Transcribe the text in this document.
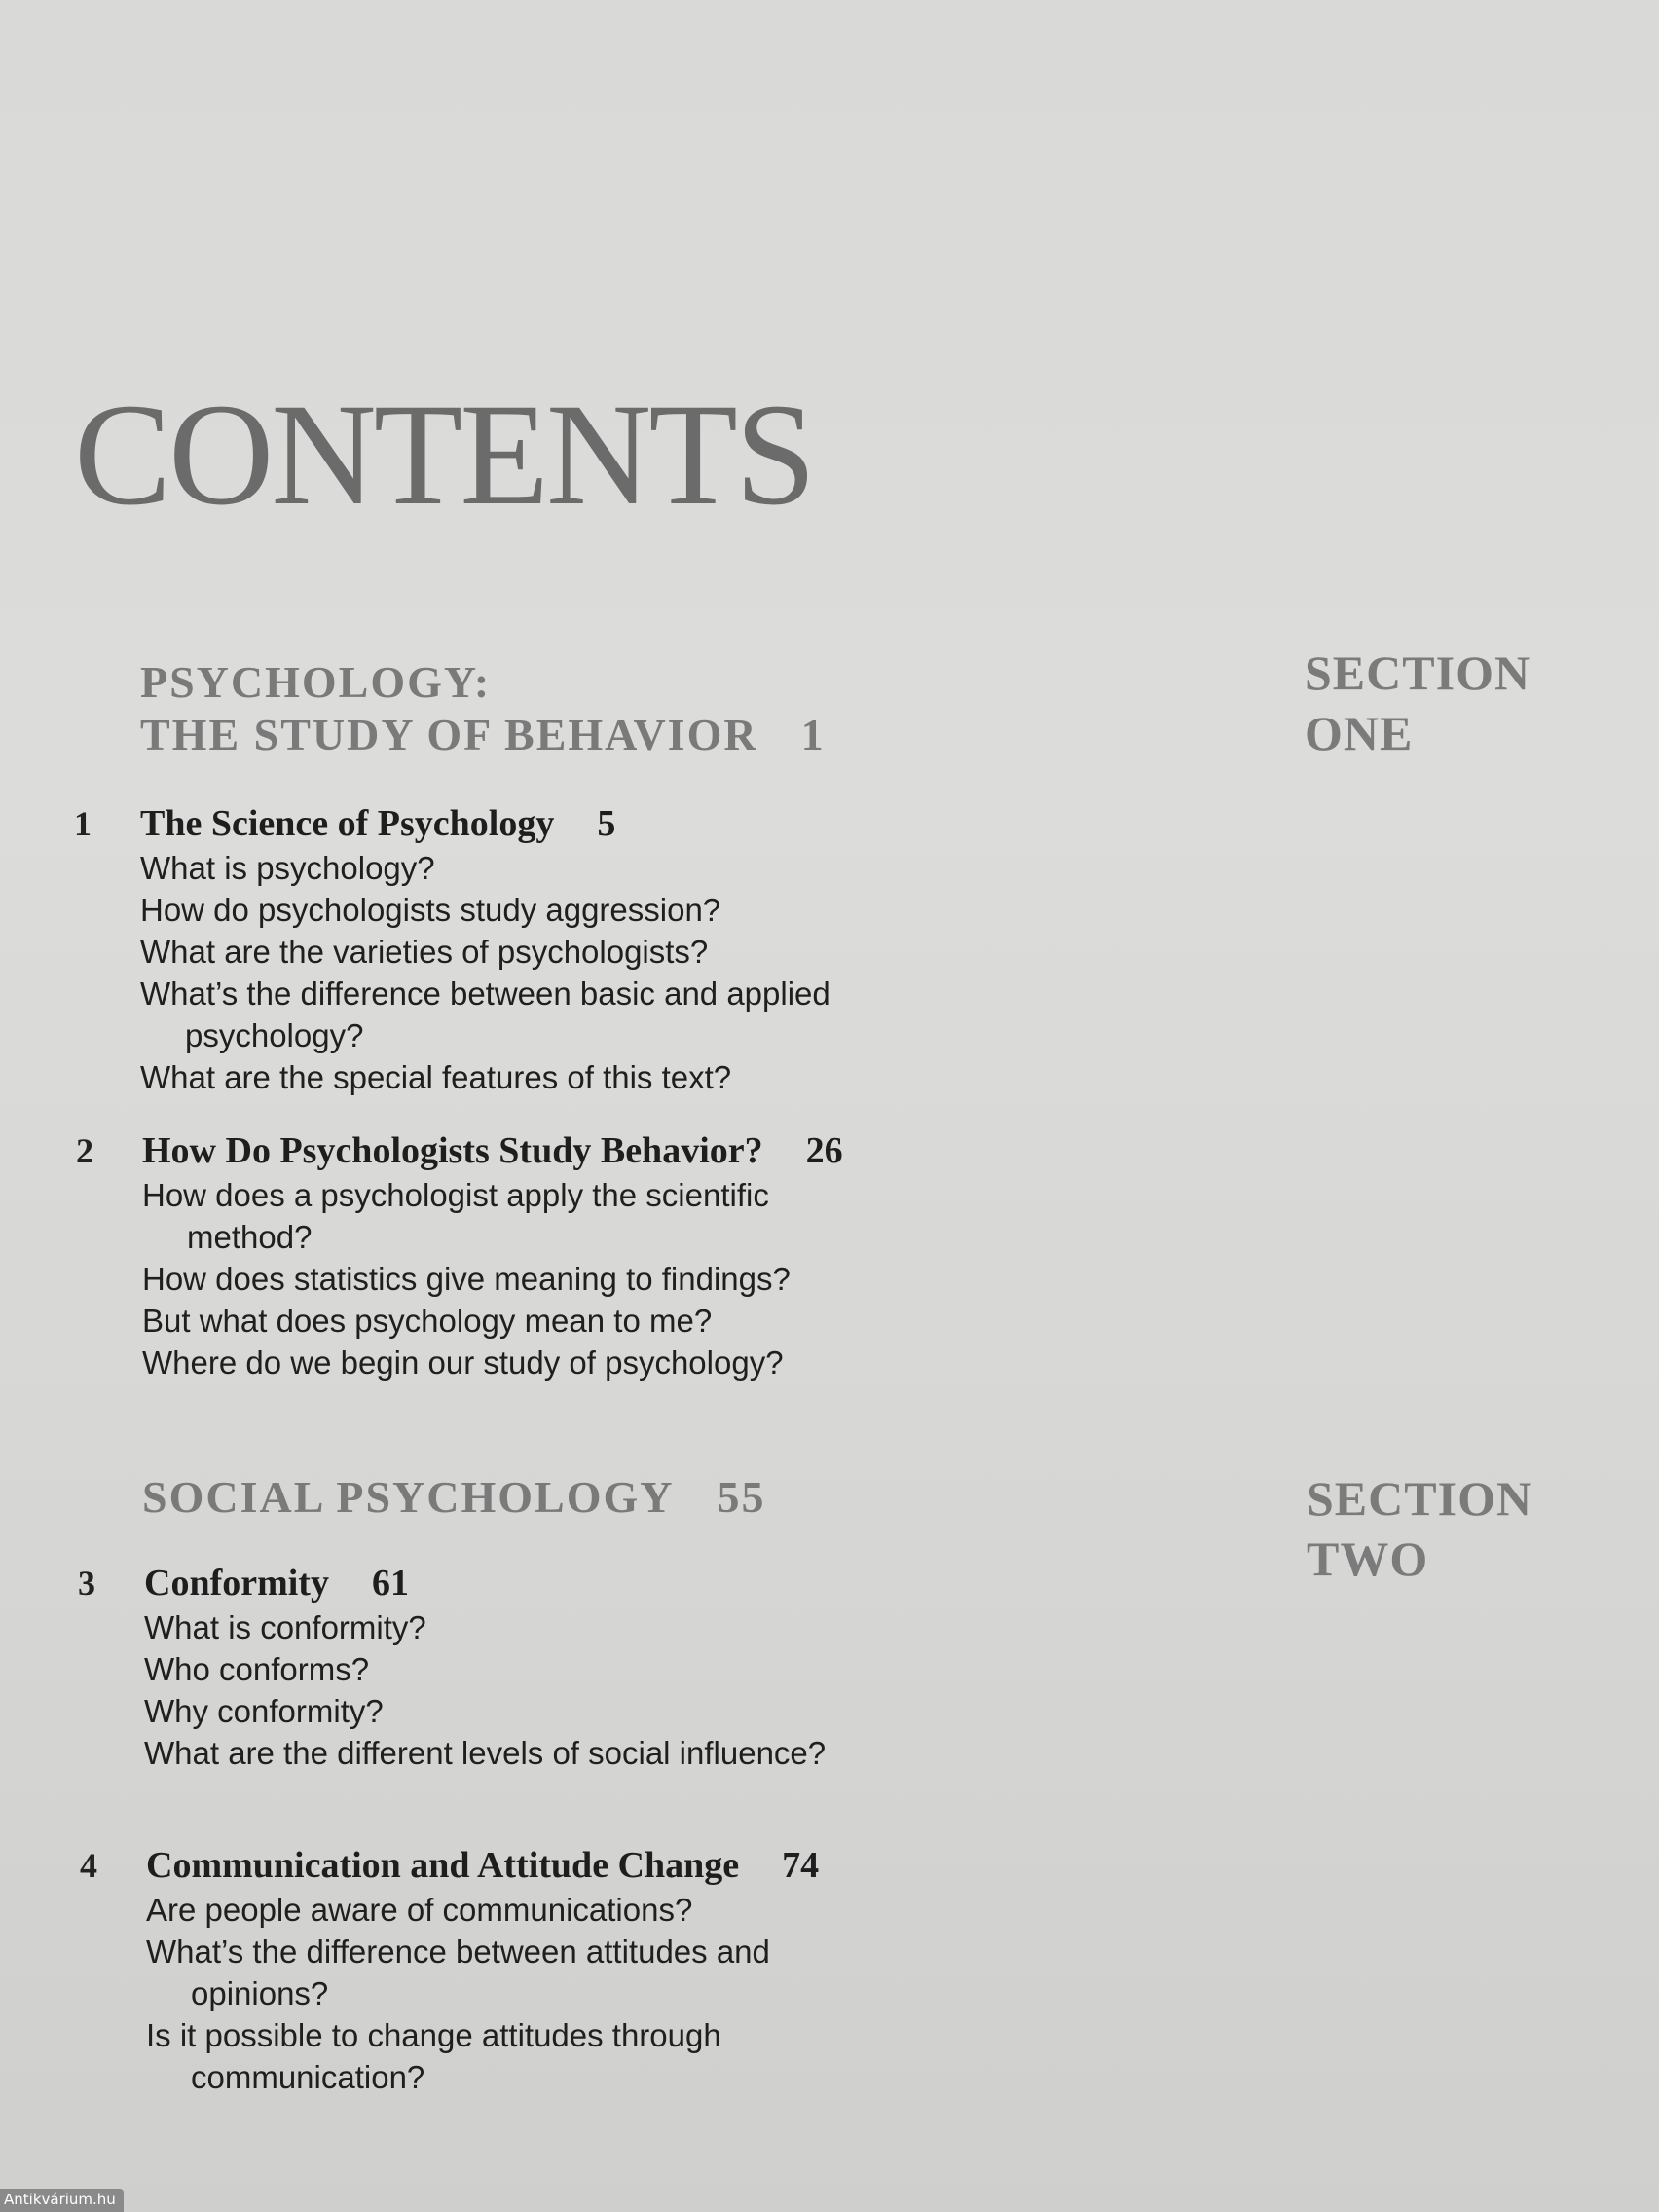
CONTENTS
PSYCHOLOGY:
THE STUDY OF BEHAVIOR 1
SECTION
ONE
1 The Science of Psychology 5
What is psychology?
How do psychologists study aggression?
What are the varieties of psychologists?
What’s the difference between basic and applied psychology?
What are the special features of this text?
2 How Do Psychologists Study Behavior? 26
How does a psychologist apply the scientific method?
How does statistics give meaning to findings?
But what does psychology mean to me?
Where do we begin our study of psychology?
SOCIAL PSYCHOLOGY 55	SECTION
TWO
3 Conformity 61
What is conformity?
Who conforms?
Why conformity?
What are the different levels of social influence?
4 Communication and Attitude Change 74
Are people aware of communications?
What’s the difference between attitudes and opinions?
Is it possible to change attitudes through communication?
Antikvárium.hu
